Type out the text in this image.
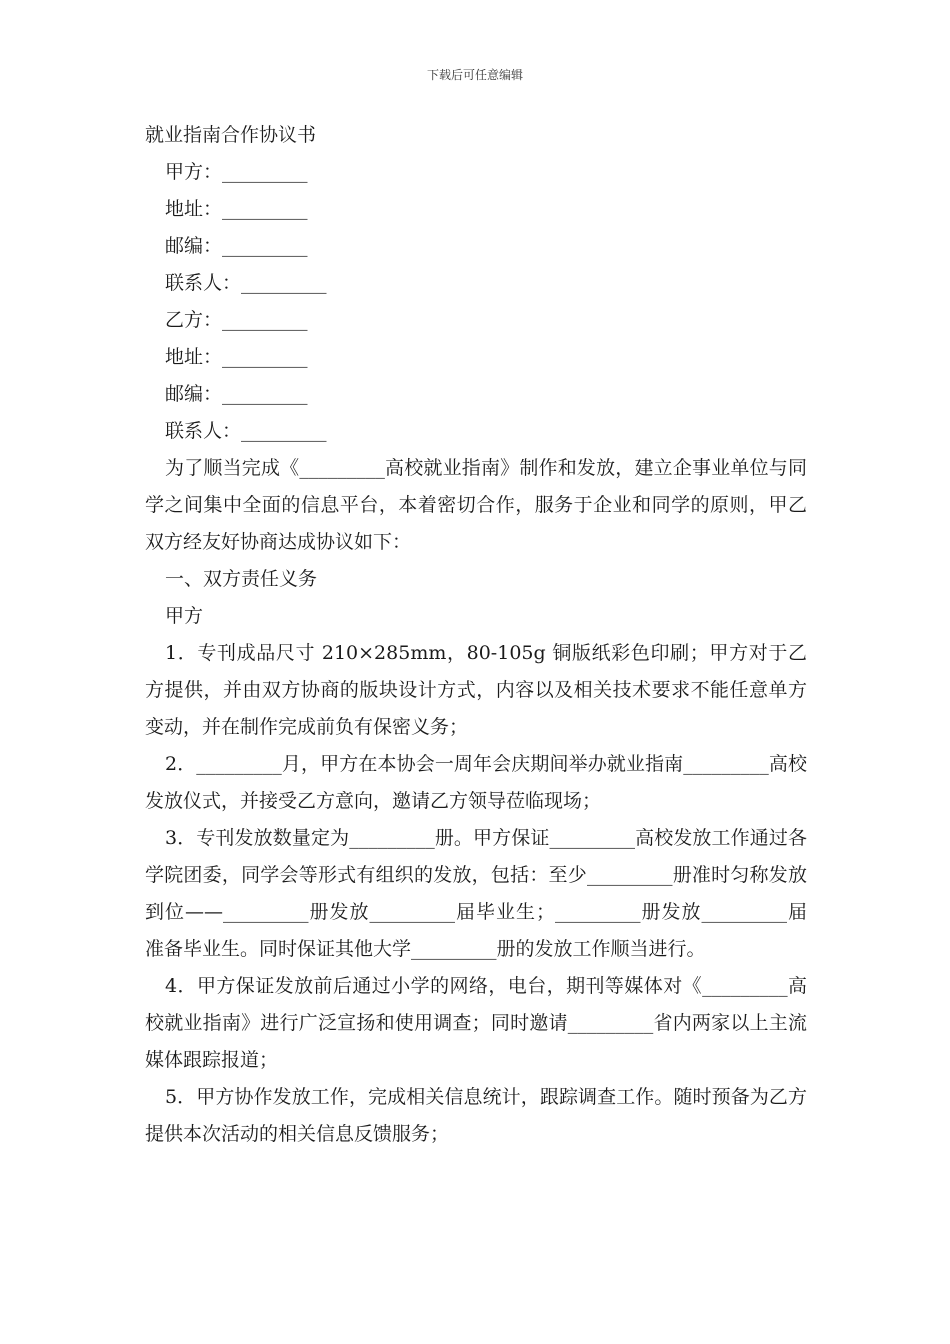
下载后可任意编辑
就业指南合作协议书
甲方：_________
地址：_________
邮编：_________
联系人：_________
乙方：_________
地址：_________
邮编：_________
联系人：_________
为了顺当完成《_________高校就业指南》制作和发放，建立企事业单位与同学之间集中全面的信息平台，本着密切合作，服务于企业和同学的原则，甲乙双方经友好协商达成协议如下：
一、双方责任义务
甲方
1．专刊成品尺寸 210×285mm，80-105g 铜版纸彩色印刷；甲方对于乙方提供，并由双方协商的版块设计方式，内容以及相关技术要求不能任意单方变动，并在制作完成前负有保密义务；
2．_________月，甲方在本协会一周年会庆期间举办就业指南_________高校发放仪式，并接受乙方意向，邀请乙方领导莅临现场；
3．专刊发放数量定为_________册。甲方保证_________高校发放工作通过各学院团委，同学会等形式有组织的发放，包括：至少_________册准时匀称发放到位——_________册发放_________届毕业生；_________册发放_________届准备毕业生。同时保证其他大学_________册的发放工作顺当进行。
4．甲方保证发放前后通过小学的网络，电台，期刊等媒体对《_________高校就业指南》进行广泛宣扬和使用调查；同时邀请_________省内两家以上主流媒体跟踪报道；
5．甲方协作发放工作，完成相关信息统计，跟踪调查工作。随时预备为乙方提供本次活动的相关信息反馈服务；
